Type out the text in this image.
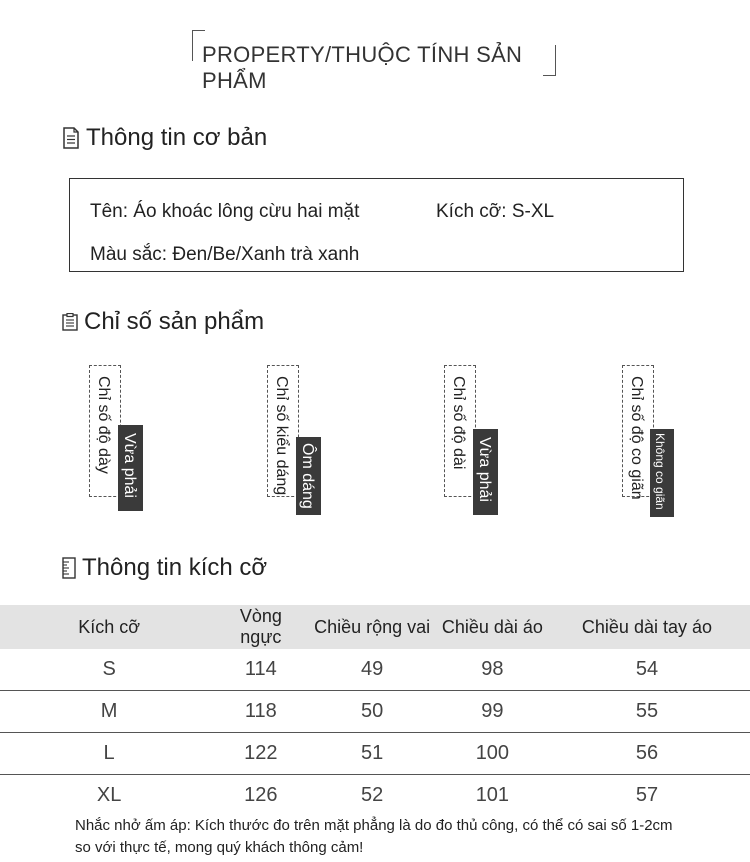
PROPERTY/THUỘC TÍNH SẢN PHẨM
Thông tin cơ bản
Tên: Áo khoác lông cừu hai mặt	Kích cỡ: S-XL
Màu sắc: Đen/Be/Xanh trà xanh
Chỉ số sản phẩm
Chỉ số độ dày Vừa phải	Chỉ số kiểu dáng Ôm dáng
Chỉ số độ dài
Vừa phải	Chỉ số độ co giãn Không co giãn
Thông tin kích cỡ
Kích cỡ	Vòng ngực	Chiều rộng vai	Chiều dài áo	Chiều dài tay áo
S	114	49	98	54
M	118	50	99	55
L	122	51	100	56
XL	126	52	101	57
Nhắc nhở ấm áp: Kích thước đo trên mặt phẳng là do đo thủ công, có thể có sai số 1-2cm
so với thực tế, mong quý khách thông cảm!
